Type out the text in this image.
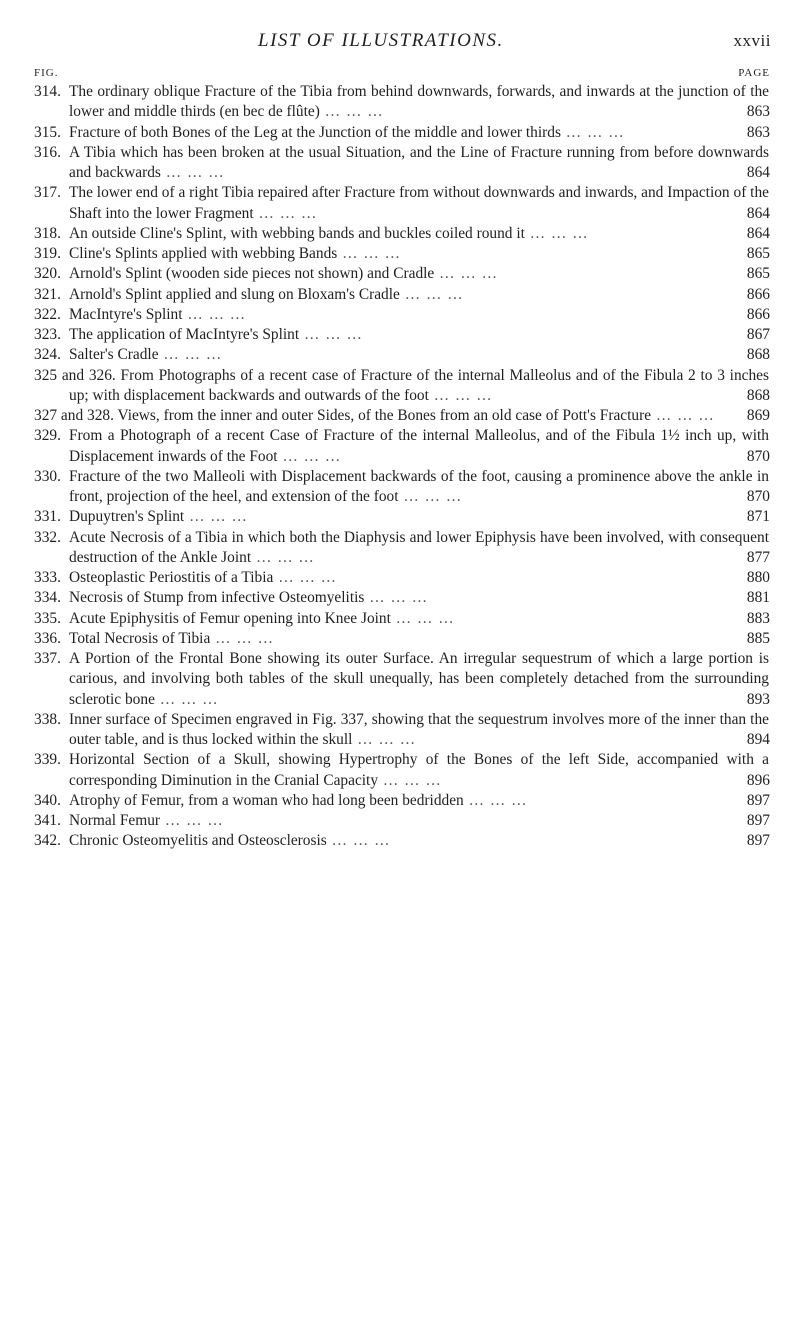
LIST OF ILLUSTRATIONS.	xxvii
FIG.	PAGE
314. The ordinary oblique Fracture of the Tibia from behind downwards, forwards, and inwards at the junction of the lower and middle thirds (en bec de flûte) … … …	863
315. Fracture of both Bones of the Leg at the Junction of the middle and lower thirds … … …	863
316. A Tibia which has been broken at the usual Situation, and the Line of Fracture running from before downwards and backwards … … …	864
317. The lower end of a right Tibia repaired after Fracture from without downwards and inwards, and Impaction of the Shaft into the lower Fragment … … …	864
318. An outside Cline's Splint, with webbing bands and buckles coiled round it … … …	864
319. Cline's Splints applied with webbing Bands … … …	865
320. Arnold's Splint (wooden side pieces not shown) and Cradle … … …	865
321. Arnold's Splint applied and slung on Bloxam's Cradle … … …	866
322. MacIntyre's Splint … … …	866
323. The application of MacIntyre's Splint … … …	867
324. Salter's Cradle … … …	868
325 and 326. From Photographs of a recent case of Fracture of the internal Malleolus and of the Fibula 2 to 3 inches up; with displacement backwards and outwards of the foot … … …	868
327 and 328. Views, from the inner and outer Sides, of the Bones from an old case of Pott's Fracture … … …	869
329. From a Photograph of a recent Case of Fracture of the internal Malleolus, and of the Fibula 1½ inch up, with Displacement inwards of the Foot … … …	870
330. Fracture of the two Malleoli with Displacement backwards of the foot, causing a prominence above the ankle in front, projection of the heel, and extension of the foot … … …	870
331. Dupuytren's Splint … … …	871
332. Acute Necrosis of a Tibia in which both the Diaphysis and lower Epiphysis have been involved, with consequent destruction of the Ankle Joint … … …	877
333. Osteoplastic Periostitis of a Tibia … … …	880
334. Necrosis of Stump from infective Osteomyelitis … … …	881
335. Acute Epiphysitis of Femur opening into Knee Joint … … …	883
336. Total Necrosis of Tibia … … …	885
337. A Portion of the Frontal Bone showing its outer Surface. An irregular sequestrum of which a large portion is carious, and involving both tables of the skull unequally, has been completely detached from the surrounding sclerotic bone … … …	893
338. Inner surface of Specimen engraved in Fig. 337, showing that the sequestrum involves more of the inner than the outer table, and is thus locked within the skull … … …	894
339. Horizontal Section of a Skull, showing Hypertrophy of the Bones of the left Side, accompanied with a corresponding Diminution in the Cranial Capacity … … …	896
340. Atrophy of Femur, from a woman who had long been bedridden … … …	897
341. Normal Femur … … …	897
342. Chronic Osteomyelitis and Osteosclerosis … … …	897
